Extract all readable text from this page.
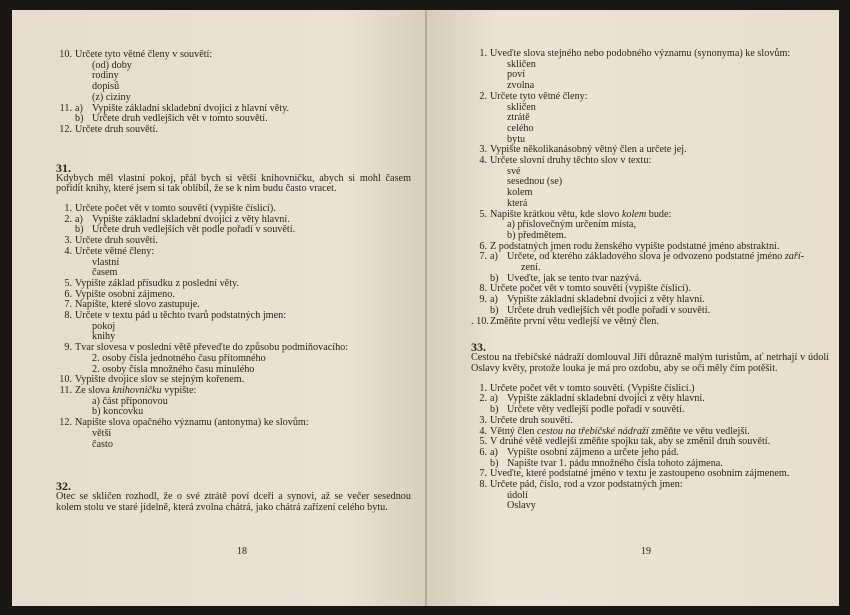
10. Určete tyto větné členy v souvětí:
(od) doby
rodiny
dopisů
(z) ciziny
11. a) Vypište základní skladební dvojici z hlavní věty.
b) Určete druh vedlejších vět v tomto souvětí.
12. Určete druh souvětí.
31.
Kdybych měl vlastní pokoj, přál bych si větší knihovničku, abych si mohl časem pořídit knihy, které jsem si tak oblíbil, že se k nim budu často vracet.
1. Určete počet vět v tomto souvětí (vypište číslicí).
2. a) Vypište základní skladební dvojici z věty hlavní.
b) Určete druh vedlejších vět podle pořadí v souvětí.
3. Určete druh souvětí.
4. Určete větné členy:
vlastní
časem
5. Vypište základ přísudku z poslední věty.
6. Vypište osobní zájmeno.
7. Napište, které slovo zastupuje.
8. Určete v textu pád u těchto tvarů podstatných jmen:
pokoj
knihy
9. Tvar slovesa v poslední větě převeďte do způsobu podmiňovacího:
2. osoby čísla jednotného času přítomného
2. osoby čísla množného času minulého
10. Vypište dvojice slov se stejným kořenem.
11. Ze slova knihovničku vypište:
a) část příponovou
b) koncovku
12. Napište slova opačného významu (antonyma) ke slovům:
větší
často
32.
Otec se skličen rozhodl, že o své ztrátě poví dceři a synovi, až se večer sesednou kolem stolu ve staré jídelně, která zvolna chátrá, jako chátrá zařízení celého bytu.
18
1. Uveďte slova stejného nebo podobného významu (synonyma) ke slovům:
skličen
poví
zvolna
2. Určete tyto větné členy:
skličen
ztrátě
celého
bytu
3. Vypište několikanásobný větný člen a určete jej.
4. Určete slovní druhy těchto slov v textu:
své
sesednou (se)
kolem
která
5. Napište krátkou větu, kde slovo kolem bude:
a) příslovečným určením místa,
b) předmětem.
6. Z podstatných jmen rodu ženského vypište podstatné jméno abstraktní.
7. a) Určete, od kterého základového slova je odvozeno podstatné jméno zaří-
zení.
b) Uveďte, jak se tento tvar nazývá.
8. Určete počet vět v tomto souvětí (vypište číslicí).
9. a) Vypište základní skladební dvojici z věty hlavní.
b) Určete druh vedlejších vět podle pořadí v souvětí.
. 10. Změňte první větu vedlejší ve větný člen.
33.
Cestou na třebíčské nádraží domlouval Jiří důrazně malým turistům, ať netrhají v údolí Oslavy květy, protože louka je má pro ozdobu, aby se oči měly čím potěšit.
1. Určete počet vět v tomto souvětí. (Vypište číslicí.)
2. a) Vypište základní skladební dvojici z věty hlavní.
b) Určete věty vedlejší podle pořadí v souvětí.
3. Určete druh souvětí.
4. Větný člen cestou na třebíčské nádraží změňte ve větu vedlejší.
5. V druhé větě vedlejší změňte spojku tak, aby se změnil druh souvětí.
6. a) Vypište osobní zájmeno a určete jeho pád.
b) Napište tvar 1. pádu množného čísla tohoto zájmena.
7. Uveďte, které podstatné jméno v textu je zastoupeno osobním zájmenem.
8. Určete pád, číslo, rod a vzor podstatných jmen:
údolí
Oslavy
19
